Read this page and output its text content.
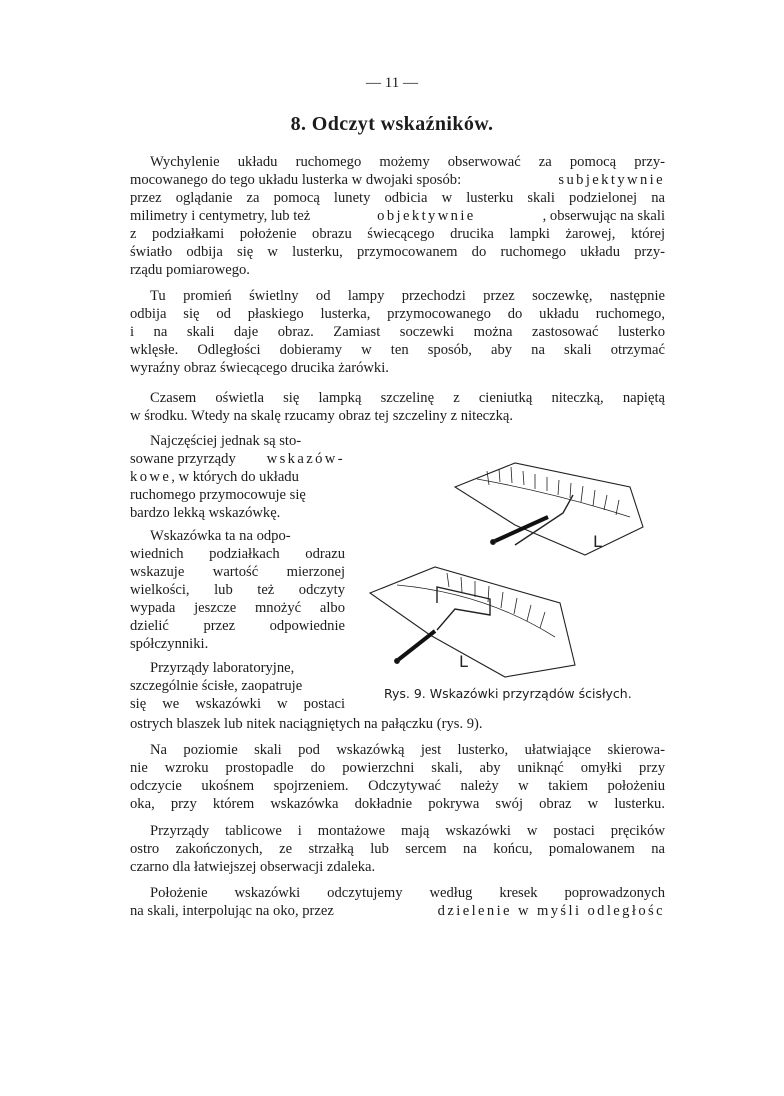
— 11 —
8. Odczyt wskaźników.
Wychylenie układu ruchomego możemy obserwować za pomocą przy-
mocowanego do tego układu lusterka w dwojaki sposób:	subjektywnie
przez oglądanie za pomocą lunety odbicia w lusterku skali podzielonej na
milimetry i centymetry, lub też	objektywnie	, obserwując na skali
z podziałkami położenie obrazu świecącego drucika lampki żarowej, której
światło odbija się w lusterku, przymocowanem do ruchomego układu przy-
rządu pomiarowego.
Tu promień świetlny od lampy przechodzi przez soczewkę, następnie
odbija się od płaskiego lusterka, przymocowanego do układu ruchomego,
i na skali daje obraz. Zamiast soczewki można zastosować lusterko
wklęsłe. Odległości dobieramy w ten sposób, aby na skali otrzymać
wyraźny obraz świecącego drucika żarówki.
Czasem oświetla się lampką szczelinę z cieniutką niteczką, napiętą
w środku. Wtedy na skalę rzucamy obraz tej szczeliny z niteczką.
Najczęściej jednak są sto-
sowane przyrządy wskazów-
kowe, w których do układu
ruchomego przymocowuje się
bardzo lekką wskazówkę.
Wskazówka ta na odpo-
wiednich podziałkach odrazu
wskazuje wartość mierzonej
wielkości, lub też odczyty
wypada jeszcze mnożyć albo
dzielić przez odpowiednie
spółczynniki.
Przyrządy laboratoryjne,
szczególnie ścisłe, zaopatruje
się we wskazówki w postaci
ostrych blaszek lub nitek naciągniętych na pałączku (rys. 9).
Na poziomie skali pod wskazówką jest lusterko, ułatwiające skierowa-
nie wzroku prostopadle do powierzchni skali, aby uniknąć omyłki przy
odczycie ukośnem spojrzeniem. Odczytywać należy w takiem położeniu
oka, przy którem wskazówka dokładnie pokrywa swój obraz w lusterku.
Przyrządy tablicowe i montażowe mają wskazówki w postaci pręcików
ostro zakończonych, ze strzałką lub sercem na końcu, pomalowanem na
czarno dla łatwiejszej obserwacji zdaleka.
Położenie wskazówki odczytujemy według kresek poprowadzonych
na skali, interpolując na oko, przez	dzielenie w myśli odległośc
L
L
Rys. 9. Wskazówki przyrządów ścisłych.
